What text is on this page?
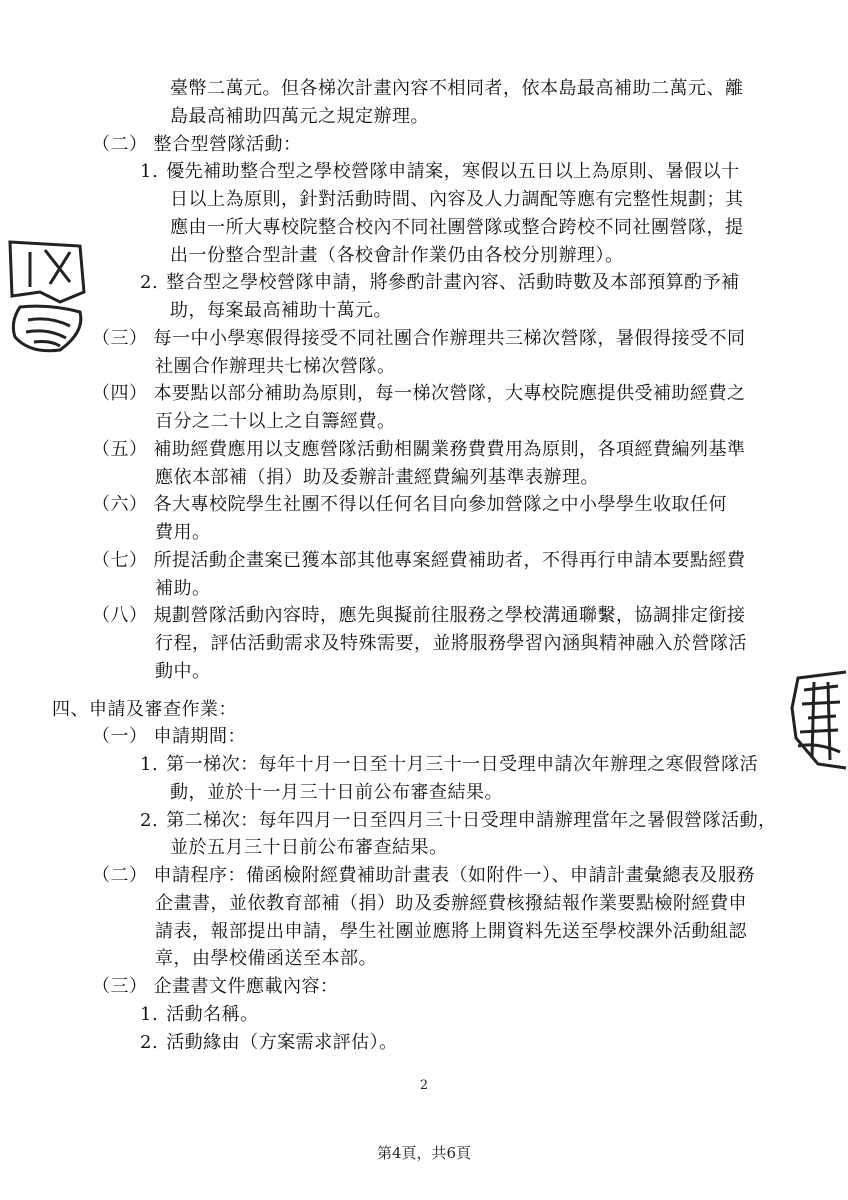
臺幣二萬元。但各梯次計畫內容不相同者，依本島最高補助二萬元、離
島最高補助四萬元之規定辦理。
（二） 整合型營隊活動：
1. 優先補助整合型之學校營隊申請案，寒假以五日以上為原則、暑假以十
日以上為原則，針對活動時間、內容及人力調配等應有完整性規劃；其
應由一所大專校院整合校內不同社團營隊或整合跨校不同社團營隊，提
出一份整合型計畫（各校會計作業仍由各校分別辦理）。
2. 整合型之學校營隊申請，將參酌計畫內容、活動時數及本部預算酌予補
助，每案最高補助十萬元。
（三） 每一中小學寒假得接受不同社團合作辦理共三梯次營隊，暑假得接受不同
社團合作辦理共七梯次營隊。
（四） 本要點以部分補助為原則，每一梯次營隊，大專校院應提供受補助經費之
百分之二十以上之自籌經費。
（五） 補助經費應用以支應營隊活動相關業務費費用為原則，各項經費編列基準
應依本部補（捐）助及委辦計畫經費編列基準表辦理。
（六） 各大專校院學生社團不得以任何名目向參加營隊之中小學學生收取任何
費用。
（七） 所提活動企畫案已獲本部其他專案經費補助者，不得再行申請本要點經費
補助。
（八） 規劃營隊活動內容時，應先與擬前往服務之學校溝通聯繫，協調排定銜接
行程，評估活動需求及特殊需要，並將服務學習內涵與精神融入於營隊活
動中。
四、申請及審查作業：
（一） 申請期間：
1. 第一梯次：每年十月一日至十月三十一日受理申請次年辦理之寒假營隊活
動，並於十一月三十日前公布審查結果。
2. 第二梯次：每年四月一日至四月三十日受理申請辦理當年之暑假營隊活動，
並於五月三十日前公布審查結果。
（二） 申請程序：備函檢附經費補助計畫表（如附件一）、申請計畫彙總表及服務
企畫書，並依教育部補（捐）助及委辦經費核撥結報作業要點檢附經費申
請表，報部提出申請，學生社團並應將上開資料先送至學校課外活動組認
章，由學校備函送至本部。
（三） 企畫書文件應載內容：
1. 活動名稱。
2. 活動緣由（方案需求評估）。
2
第4頁，共6頁
